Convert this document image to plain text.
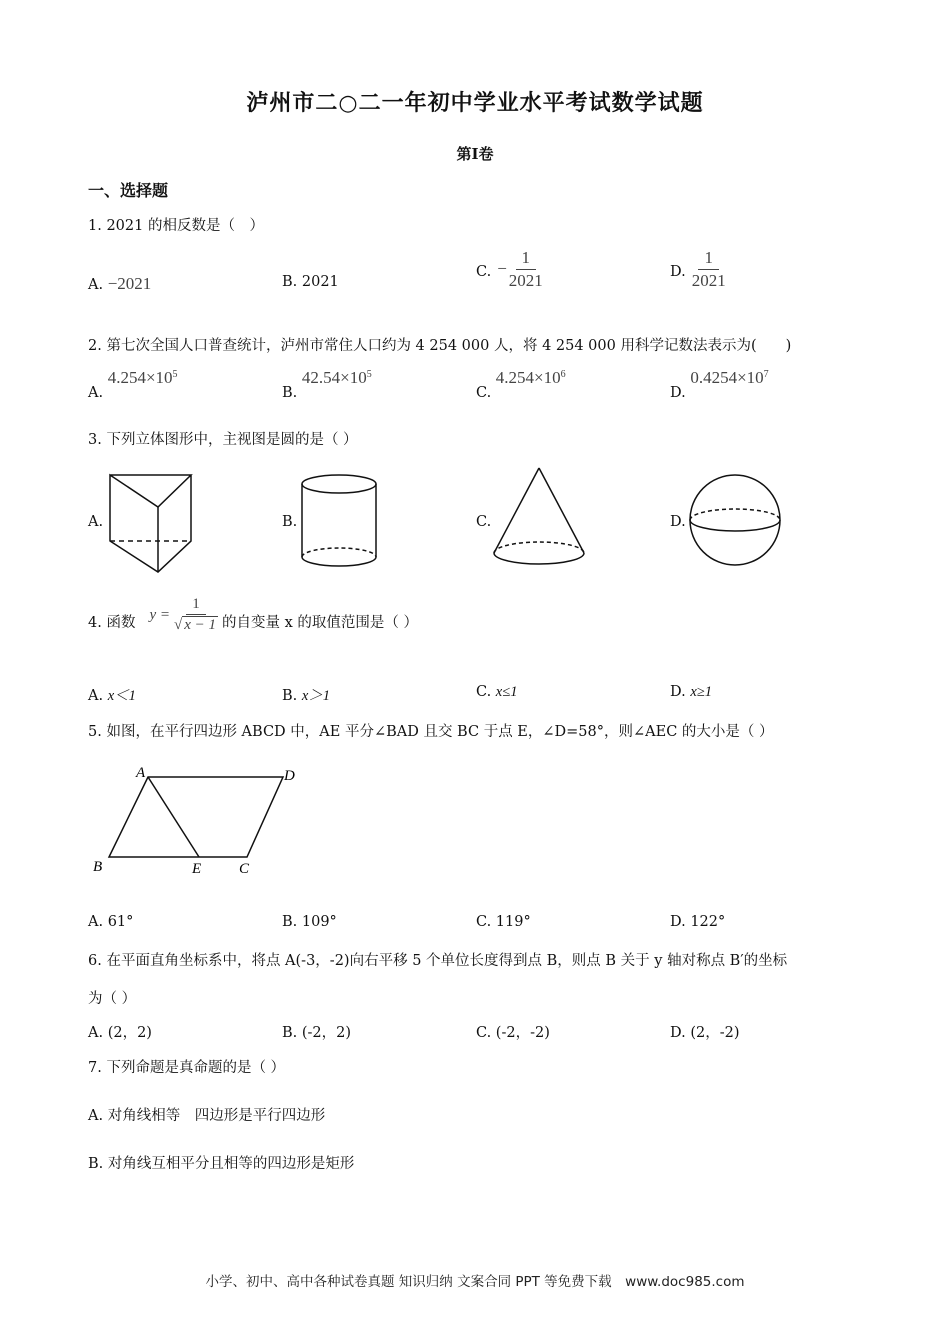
泸州市二○二一年初中学业水平考试数学试题
第Ⅰ卷
一、选择题
1. 2021 的相反数是（　）
A. −2021	B. 2021
C. − $\frac{1}{2021}$	D. $\frac{1}{2021}$
2. 第七次全国人口普查统计，泸州市常住人口约为 4 254 000 人，将 4 254 000 用科学记数法表示为(　　)
A. $4.254\times 10^5$
B. $42.54\times 10^5$
C. $4.254\times 10^6$
D. $0.4254\times 10^7$
3. 下列立体图形中，主视图是圆的是（ ）
A.	B.	C.	D.
4. 函数 $y = \frac{1}{√ x - 1}$ 的自变量 x 的取值范围是（ ）
A. x＜1	B. x＞1	C. x≤1	D. x≥1
5. 如图，在平行四边形 ABCD 中，AE 平分∠BAD 且交 BC 于点 E，∠D=58°，则∠AEC 的大小是（ ）
A	D
B	E	C
A. 61°	B. 109°	C. 119°	D. 122°
6. 在平面直角坐标系中，将点 A(-3，-2)向右平移 5 个单位长度得到点 B，则点 B 关于 y 轴对称点 B′的坐标
为（ ）
A. (2，2)	B. (-2，2)	C. (-2，-2)	D. (2，-2)
7. 下列命题是真命题的是（ ）
A. 对角线相等　四边形是平行四边形
B. 对角线互相平分且相等的四边形是矩形
小学、初中、高中各种试卷真题 知识归纳 文案合同 PPT 等免费下载　www.doc985.com
